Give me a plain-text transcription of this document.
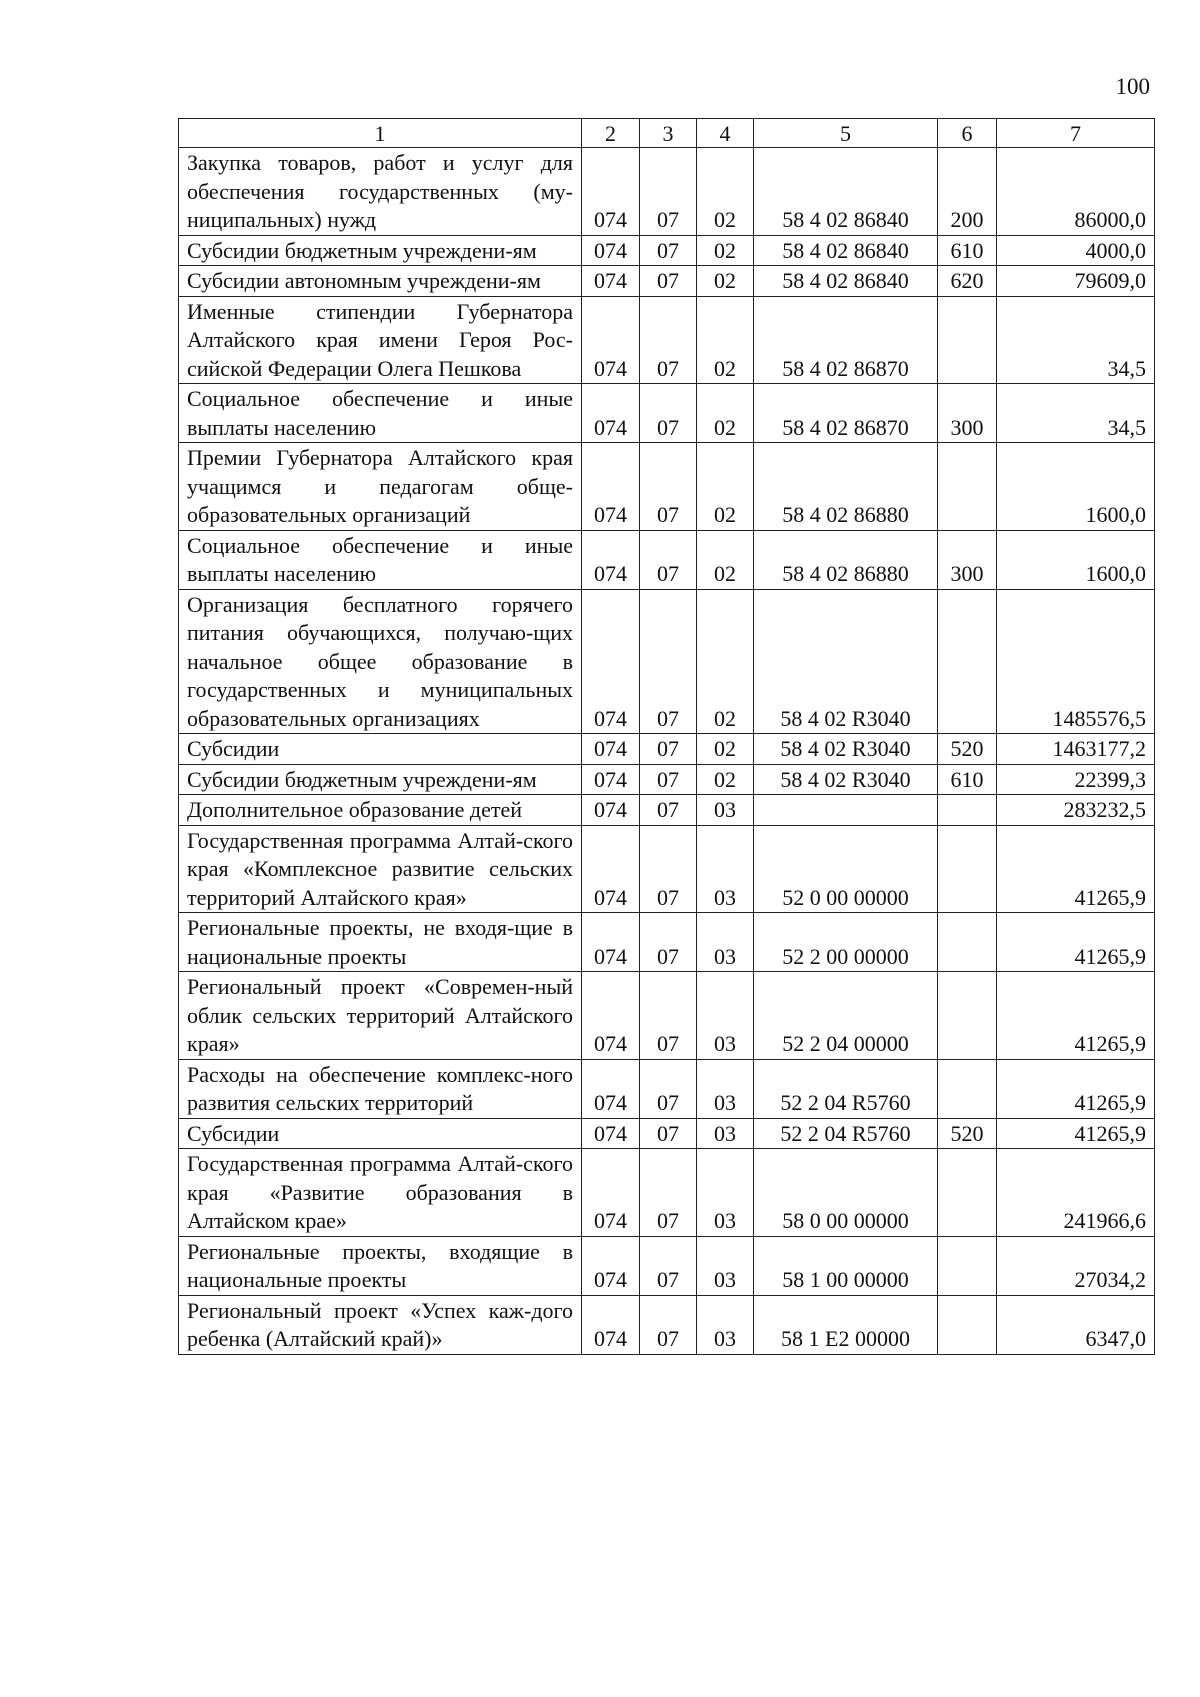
100
1	2	3	4	5	6	7
Закупка товаров, работ и услуг для обеспечения государственных (му-ниципальных) нужд	074	07	02	58 4 02 86840	200	86000,0
Субсидии бюджетным учреждени-ям	074	07	02	58 4 02 86840	610	4000,0
Субсидии автономным учреждени-ям	074	07	02	58 4 02 86840	620	79609,0
Именные стипендии Губернатора Алтайского края имени Героя Рос-сийской Федерации Олега Пешкова	074	07	02	58 4 02 86870		34,5
Социальное обеспечение и иные выплаты населению	074	07	02	58 4 02 86870	300	34,5
Премии Губернатора Алтайского края учащимся и педагогам обще-образовательных организаций	074	07	02	58 4 02 86880		1600,0
Социальное обеспечение и иные выплаты населению	074	07	02	58 4 02 86880	300	1600,0
Организация бесплатного горячего питания обучающихся, получаю-щих начальное общее образование в государственных и муниципальных образовательных организациях	074	07	02	58 4 02 R3040		1485576,5
Субсидии	074	07	02	58 4 02 R3040	520	1463177,2
Субсидии бюджетным учреждени-ям	074	07	02	58 4 02 R3040	610	22399,3
Дополнительное образование детей	074	07	03			283232,5
Государственная программа Алтай-ского края «Комплексное развитие сельских территорий Алтайского края»	074	07	03	52 0 00 00000		41265,9
Региональные проекты, не входя-щие в национальные проекты	074	07	03	52 2 00 00000		41265,9
Региональный проект «Современ-ный облик сельских территорий Алтайского края»	074	07	03	52 2 04 00000		41265,9
Расходы на обеспечение комплекс-ного развития сельских территорий	074	07	03	52 2 04 R5760		41265,9
Субсидии	074	07	03	52 2 04 R5760	520	41265,9
Государственная программа Алтай-ского края «Развитие образования в Алтайском крае»	074	07	03	58 0 00 00000		241966,6
Региональные проекты, входящие в национальные проекты	074	07	03	58 1 00 00000		27034,2
Региональный проект «Успех каж-дого ребенка (Алтайский край)»	074	07	03	58 1 E2 00000		6347,0
